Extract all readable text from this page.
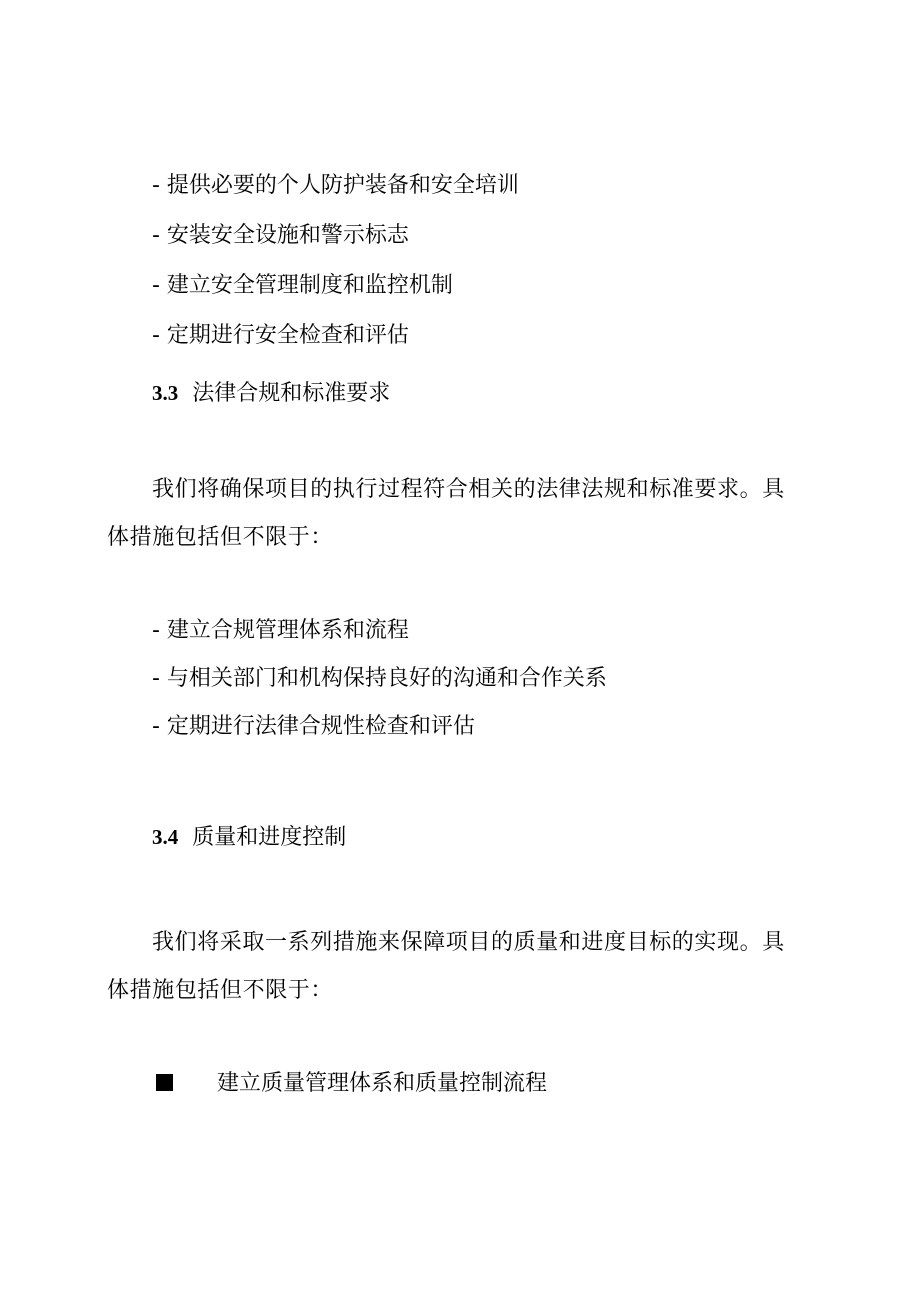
- 提供必要的个人防护装备和安全培训
- 安装安全设施和警示标志
- 建立安全管理制度和监控机制
- 定期进行安全检查和评估
3.3 法律合规和标准要求
我们将确保项目的执行过程符合相关的法律法规和标准要求。具
体措施包括但不限于：
- 建立合规管理体系和流程
- 与相关部门和机构保持良好的沟通和合作关系
- 定期进行法律合规性检查和评估
3.4 质量和进度控制
我们将采取一系列措施来保障项目的质量和进度目标的实现。具
体措施包括但不限于：
建立质量管理体系和质量控制流程
